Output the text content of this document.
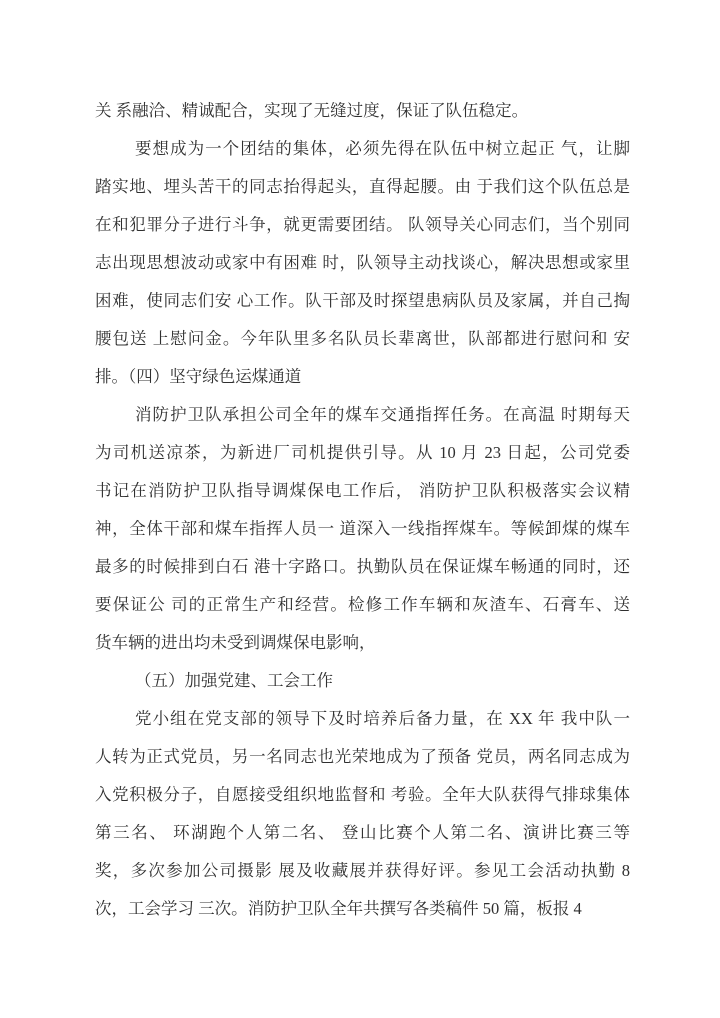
关 系融洽、精诚配合，实现了无缝过度，保证了队伍稳定。
要想成为一个团结的集体，必须先得在队伍中树立起正 气，让脚
踏实地、埋头苦干的同志抬得起头，直得起腰。由 于我们这个队伍总是
在和犯罪分子进行斗争，就更需要团结。 队领导关心同志们，当个别同
志出现思想波动或家中有困难 时，队领导主动找谈心，解决思想或家里
困难，使同志们安 心工作。队干部及时探望患病队员及家属，并自己掏
腰包送 上慰问金。今年队里多名队员长辈离世，队部都进行慰问和 安
排。（四）坚守绿色运煤通道
消防护卫队承担公司全年的煤车交通指挥任务。在高温 时期每天
为司机送凉茶，为新进厂司机提供引导。从 10 月 23 日起，公司党委
书记在消防护卫队指导调煤保电工作后， 消防护卫队积极落实会议精
神，全体干部和煤车指挥人员一 道深入一线指挥煤车。等候卸煤的煤车
最多的时候排到白石 港十字路口。执勤队员在保证煤车畅通的同时，还
要保证公 司的正常生产和经营。检修工作车辆和灰渣车、石膏车、送
货车辆的进出均未受到调煤保电影响，
（五）加强党建、工会工作
党小组在党支部的领导下及时培养后备力量，在 XX 年 我中队一
人转为正式党员，另一名同志也光荣地成为了预备 党员，两名同志成为
入党积极分子，自愿接受组织地监督和 考验。全年大队获得气排球集体
第三名、 环湖跑个人第二名、 登山比赛个人第二名、演讲比赛三等
奖，多次参加公司摄影 展及收藏展并获得好评。参见工会活动执勤 8
次，工会学习 三次。消防护卫队全年共撰写各类稿件 50 篇，板报 4
